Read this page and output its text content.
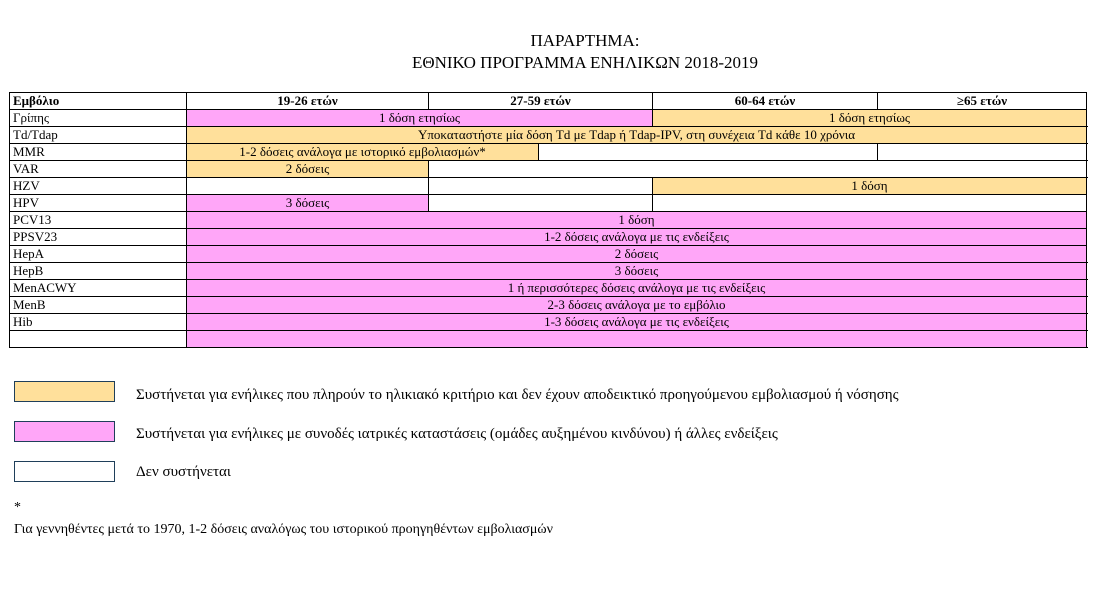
ΠΑΡΑΡΤΗΜΑ:
ΕΘΝΙΚΟ ΠΡΟΓΡΑΜΜΑ ΕΝΗΛΙΚΩΝ 2018-2019
Εμβόλιο	19-26 ετών	27-59 ετών		60-64 ετών	≥65 ετών	
Γρίπης	1 δόση ετησίως			1 δόση ετησίως		
Td/Tdap	Υποκαταστήστε μία δόση Td με Tdap ή Tdap-IPV, στη συνέχεια Td κάθε 10 χρόνια					
MMR	1-2 δόσεις ανάλογα με ιστορικό εμβολιασμών*					
VAR	2 δόσεις					
HZV				1 δόση		
HPV	3 δόσεις					
PCV13	1 δόση	
PPSV23	1-2 δόσεις ανάλογα με τις ενδείξεις	
HepA	2 δόσεις					
HepB	3 δόσεις					
MenACWY	1 ή περισσότερες δόσεις ανάλογα με τις ενδείξεις					
MenB	2-3 δόσεις ανάλογα με το εμβόλιο					
Hib	1-3 δόσεις ανάλογα με τις ενδείξεις					

Συστήνεται για ενήλικες που πληρούν το ηλικιακό κριτήριο και δεν έχουν αποδεικτικό προηγούμενου εμβολιασμού ή νόσησης
Συστήνεται για ενήλικες με συνοδές ιατρικές καταστάσεις (ομάδες αυξημένου κινδύνου) ή άλλες ενδείξεις
Δεν συστήνεται
*
Για γεννηθέντες μετά το 1970, 1-2 δόσεις αναλόγως του ιστορικού προηγηθέντων εμβολιασμών
